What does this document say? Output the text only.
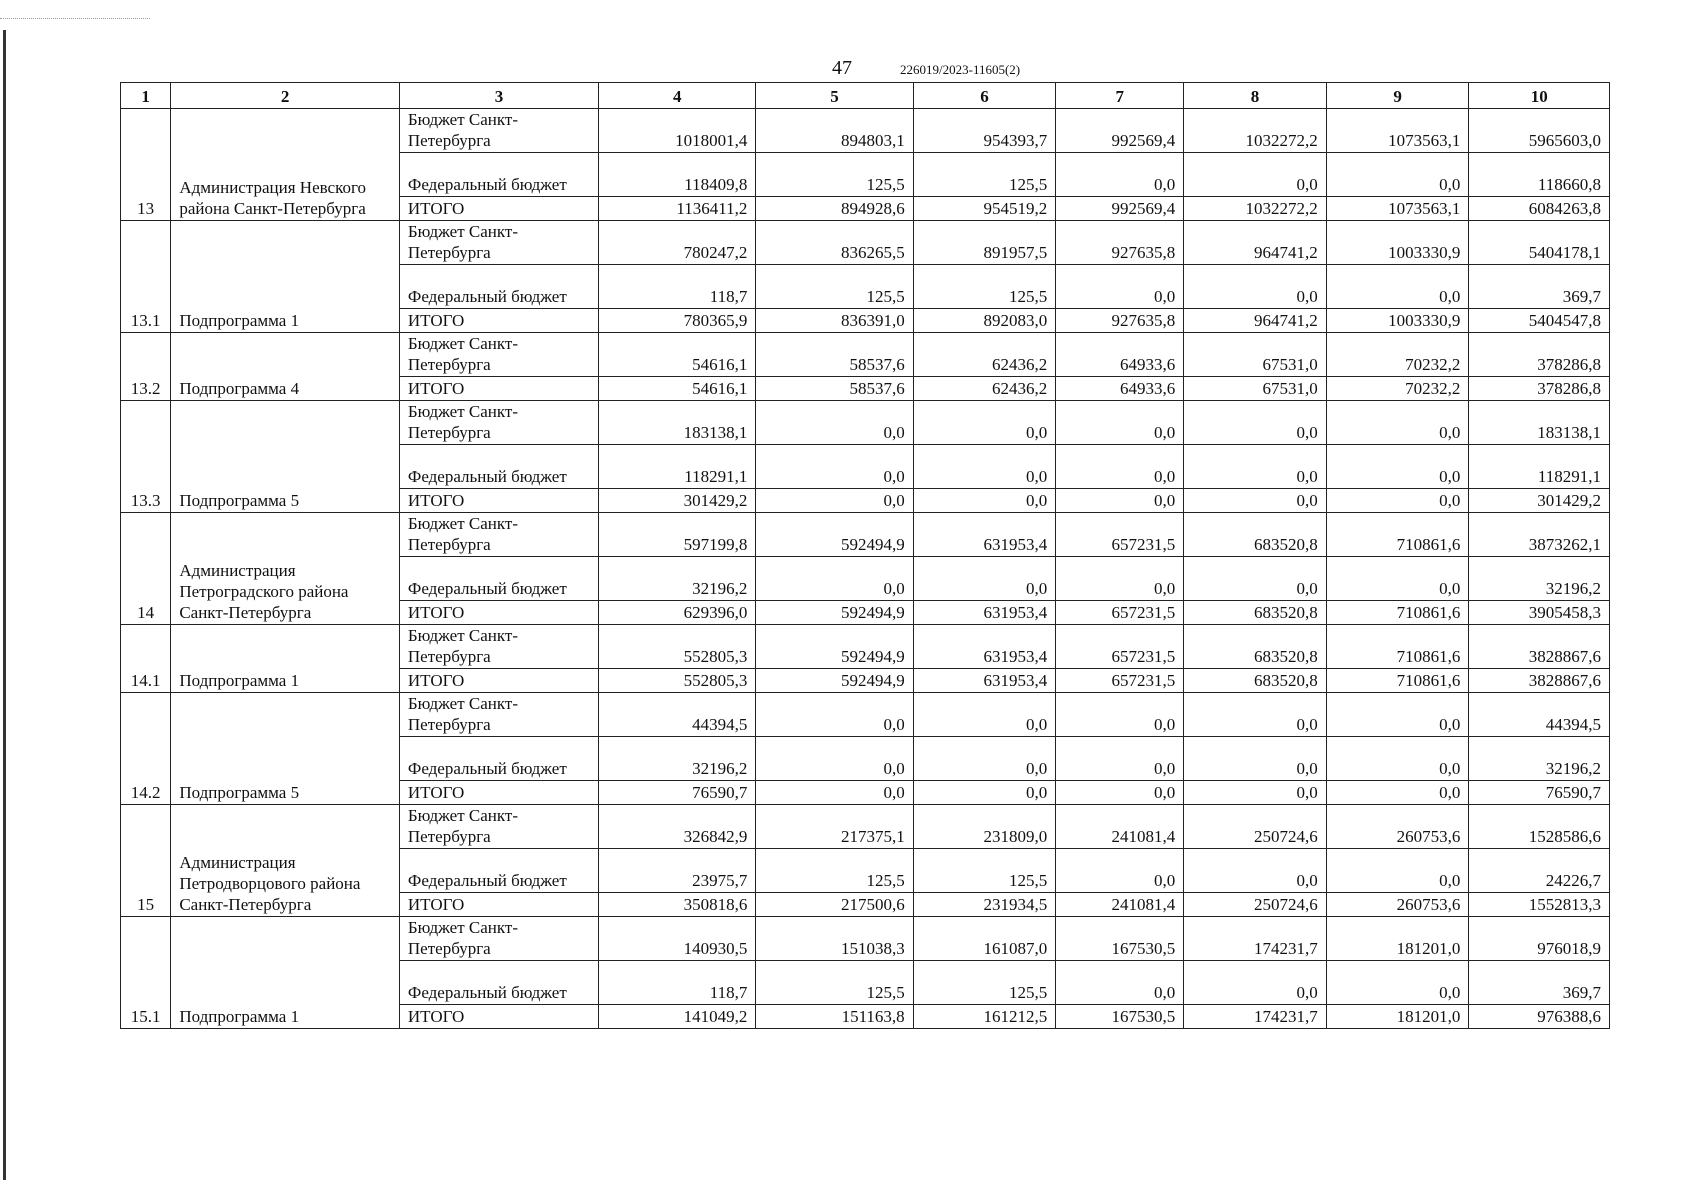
47	226019/2023-11605(2)
1	2	3	4	5	6	7	8	9	10
13	Администрация Невского района Санкт-Петербурга	Бюджет Санкт-Петербурга	1018001,4	894803,1	954393,7	992569,4	1032272,2	1073563,1	5965603,0
		Федеральный бюджет	118409,8	125,5	125,5	0,0	0,0	0,0	118660,8
		ИТОГО	1136411,2	894928,6	954519,2	992569,4	1032272,2	1073563,1	6084263,8
13.1	Подпрограмма 1	Бюджет Санкт-Петербурга	780247,2	836265,5	891957,5	927635,8	964741,2	1003330,9	5404178,1
		Федеральный бюджет	118,7	125,5	125,5	0,0	0,0	0,0	369,7
		ИТОГО	780365,9	836391,0	892083,0	927635,8	964741,2	1003330,9	5404547,8
13.2	Подпрограмма 4	Бюджет Санкт-Петербурга	54616,1	58537,6	62436,2	64933,6	67531,0	70232,2	378286,8
		ИТОГО	54616,1	58537,6	62436,2	64933,6	67531,0	70232,2	378286,8
13.3	Подпрограмма 5	Бюджет Санкт-Петербурга	183138,1	0,0	0,0	0,0	0,0	0,0	183138,1
		Федеральный бюджет	118291,1	0,0	0,0	0,0	0,0	0,0	118291,1
		ИТОГО	301429,2	0,0	0,0	0,0	0,0	0,0	301429,2
14	Администрация Петроградского района Санкт-Петербурга	Бюджет Санкт-Петербурга	597199,8	592494,9	631953,4	657231,5	683520,8	710861,6	3873262,1
		Федеральный бюджет	32196,2	0,0	0,0	0,0	0,0	0,0	32196,2
		ИТОГО	629396,0	592494,9	631953,4	657231,5	683520,8	710861,6	3905458,3
14.1	Подпрограмма 1	Бюджет Санкт-Петербурга	552805,3	592494,9	631953,4	657231,5	683520,8	710861,6	3828867,6
		ИТОГО	552805,3	592494,9	631953,4	657231,5	683520,8	710861,6	3828867,6
14.2	Подпрограмма 5	Бюджет Санкт-Петербурга	44394,5	0,0	0,0	0,0	0,0	0,0	44394,5
		Федеральный бюджет	32196,2	0,0	0,0	0,0	0,0	0,0	32196,2
		ИТОГО	76590,7	0,0	0,0	0,0	0,0	0,0	76590,7
15	Администрация Петродворцового района Санкт-Петербурга	Бюджет Санкт-Петербурга	326842,9	217375,1	231809,0	241081,4	250724,6	260753,6	1528586,6
		Федеральный бюджет	23975,7	125,5	125,5	0,0	0,0	0,0	24226,7
		ИТОГО	350818,6	217500,6	231934,5	241081,4	250724,6	260753,6	1552813,3
15.1	Подпрограмма 1	Бюджет Санкт-Петербурга	140930,5	151038,3	161087,0	167530,5	174231,7	181201,0	976018,9
		Федеральный бюджет	118,7	125,5	125,5	0,0	0,0	0,0	369,7
		ИТОГО	141049,2	151163,8	161212,5	167530,5	174231,7	181201,0	976388,6
